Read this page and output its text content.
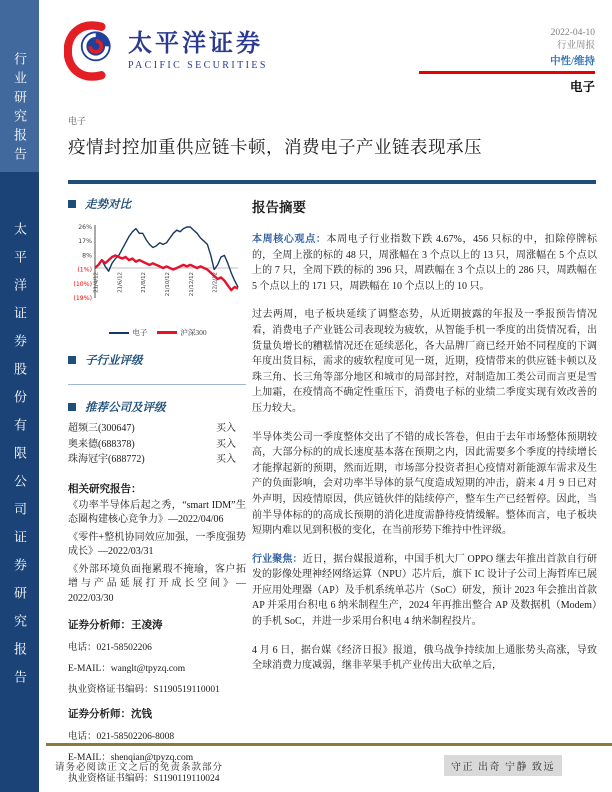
行业研究报告
太平洋证券股份有限公司证券研究报告
太平洋证券
PACIFIC SECURITIES
2022-04-10
行业周报
中性/维持
电子
电子
疫情封控加重供应链卡顿，消费电子产业链表现承压
走势对比
26%
17%
8%
(1%)
(10%)
(19%)
21/4/12	21/6/12	21/8/12	21/10/12	21/12/12	22/2/12
电子	沪深300
子行业评级
推荐公司及评级
超频三(300647)	买入
奥来德(688378)	买入
珠海冠宇(688772)	买入
相关研究报告：
《功率半导体后起之秀，“smart IDM”生态圈构建核心竞争力》—2022/04/06
《零件+整机协同效应加强，一季度强势成长》—2022/03/31
《外部环境负面拖累瑕不掩瑜，客户拓增与产品延展打开成长空间》—2022/03/30
证券分析师：王凌涛
电话：021-58502206
E-MAIL：wanglt@tpyzq.com
执业资格证书编码：S1190519110001
证券分析师：沈钱
电话：021-58502206-8008
E-MAIL：shenqian@tpyzq.com
执业资格证书编码：S1190119110024
报告摘要

本周核心观点：本周电子行业指数下跌 4.67%，456 只标的中，扣除停牌标的，全周上涨的标的 48 只，周涨幅在 3 个点以上的 13 只，周涨幅在 5 个点以上的 7 只，全周下跌的标的 396 只，周跌幅在 3 个点以上的 286 只，周跌幅在 5 个点以上的 171 只，周跌幅在 10 个点以上的 10 只。

过去两周，电子板块延续了调整态势，从近期披露的年报及一季报预告情况看，消费电子产业链公司表现较为疲软，从智能手机一季度的出货情况看，出货量负增长的糟糕情况还在延续恶化，各大品牌厂商已经开始不同程度的下调年度出货目标，需求的疲软程度可见一斑，近期，疫情带来的供应链卡顿以及珠三角、长三角等部分地区和城市的局部封控，对制造加工类公司而言更是雪上加霜，在疫情高不确定性重压下，消费电子标的业绩二季度实现有效改善的压力较大。

半导体类公司一季度整体交出了不错的成长答卷，但由于去年市场整体预期较高，大部分标的的成长速度基本落在预期之内，因此需要多个季度的持续增长才能撑起新的预期，然而近期，市场部分投资者担心疫情对新能源车需求及生产的负面影响，会对功率半导体的景气度造成短期的冲击，蔚来 4 月 9 日已对外声明，因疫情原因，供应链伙伴的陆续停产，整车生产已经暂停。因此，当前半导体标的的高成长预期的消化进度需静待疫情缓解。整体而言，电子板块短期内难以见到积极的变化，在当前形势下维持中性评级。

行业聚焦：近日，据台媒报道称，中国手机大厂 OPPO 继去年推出首款自行研发的影像处理神经网络运算（NPU）芯片后，旗下 IC 设计子公司上海哲库已展开应用处理器（AP）及手机系统单芯片（SoC）研发，预计 2023 年会推出首款 AP 并采用台积电 6 纳米制程生产，2024 年再推出整合 AP 及数据机（Modem）的手机 SoC，并进一步采用台积电 4 纳米制程投片。

4 月 6 日，据台媒《经济日报》报道，俄乌战争持续加上通胀势头高涨，导致全球消费力度减弱，继非苹果手机产业传出大砍单之后，

请务必阅读正文之后的免责条款部分	守正 出奇 宁静 致远
